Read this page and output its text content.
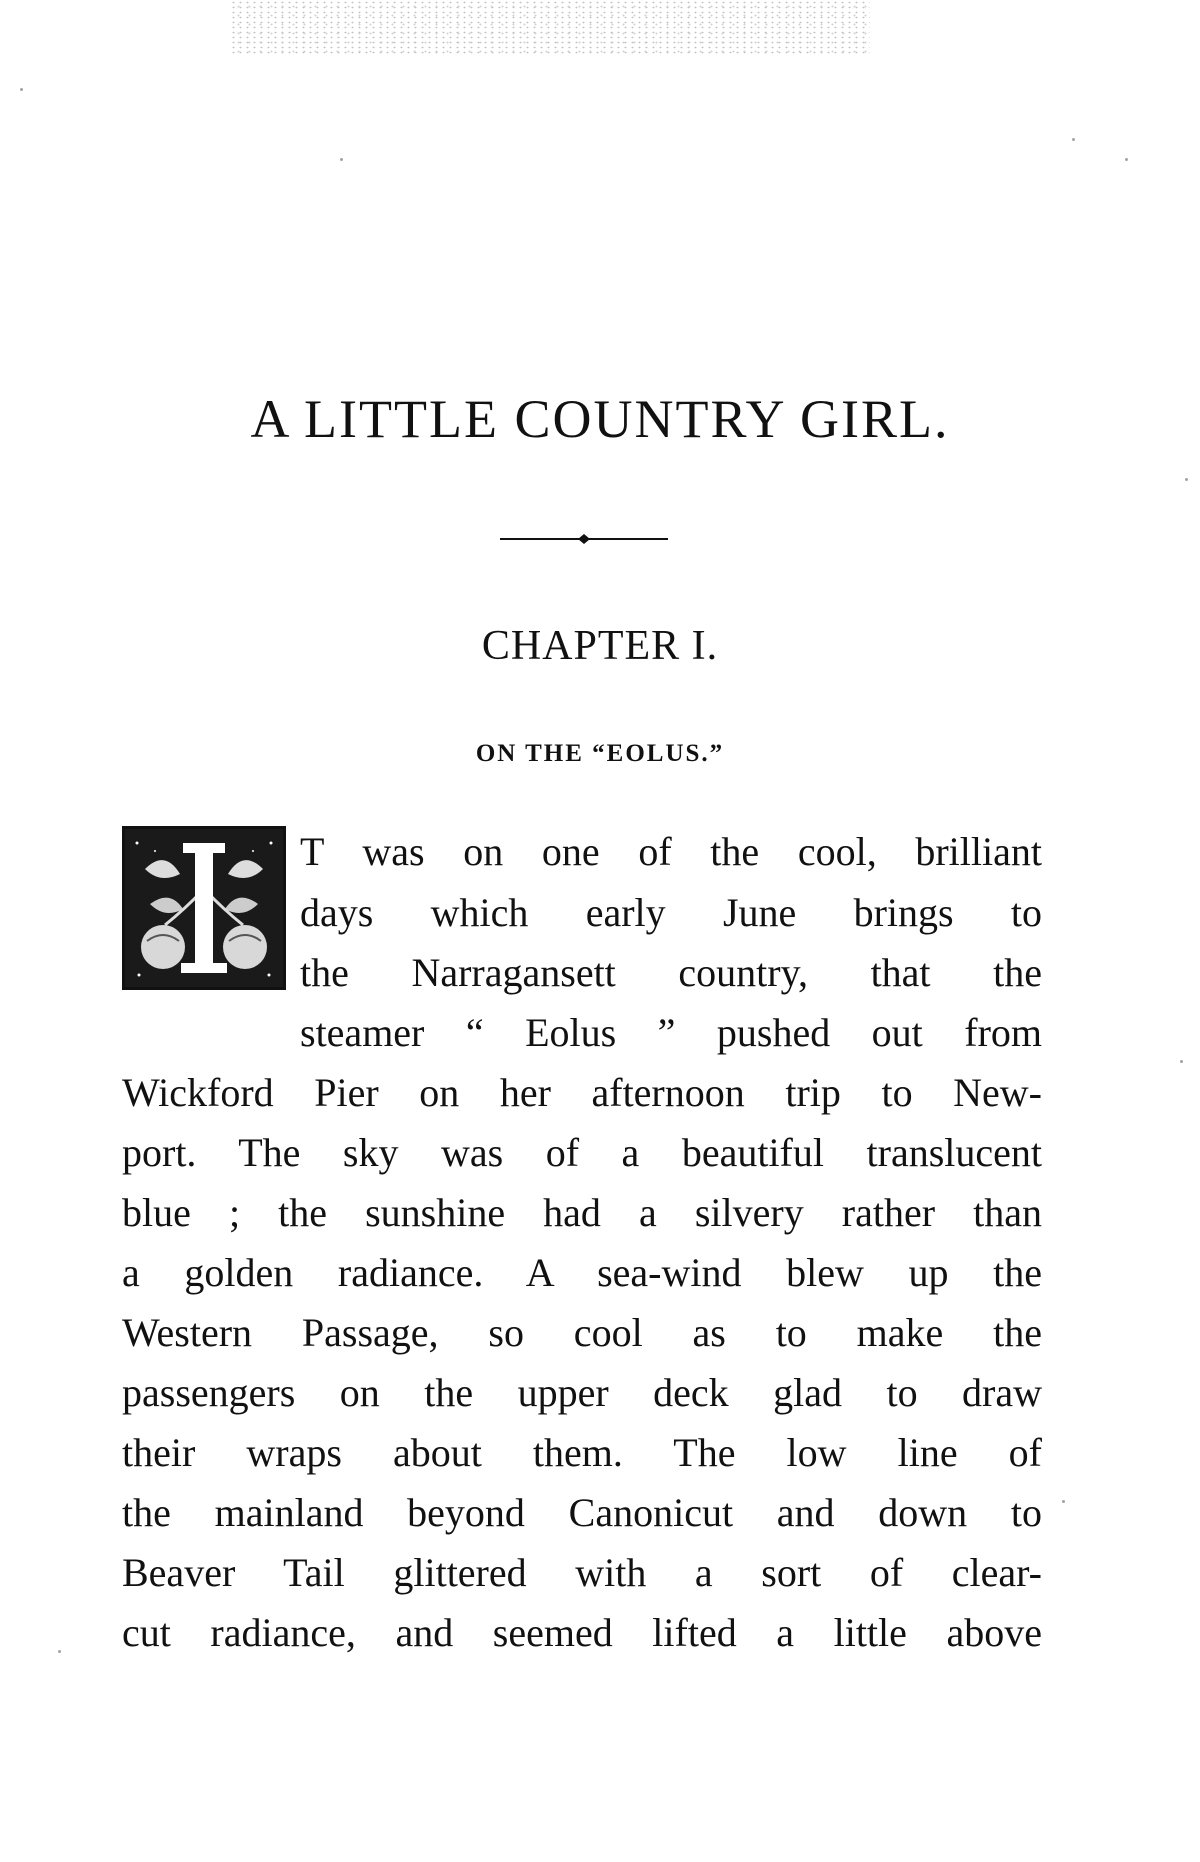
A LITTLE COUNTRY GIRL.
CHAPTER I.
ON THE “EOLUS.”
T was on one of the cool, brilliant
days which early June brings to
the Narragansett country, that the
steamer “ Eolus ” pushed out from
Wickford Pier on her afternoon trip to New-
port. The sky was of a beautiful translucent
blue ; the sunshine had a silvery rather than
a golden radiance. A sea-wind blew up the
Western Passage, so cool as to make the
passengers on the upper deck glad to draw
their wraps about them. The low line of
the mainland beyond Canonicut and down to
Beaver Tail glittered with a sort of clear-
cut radiance, and seemed lifted a little above
